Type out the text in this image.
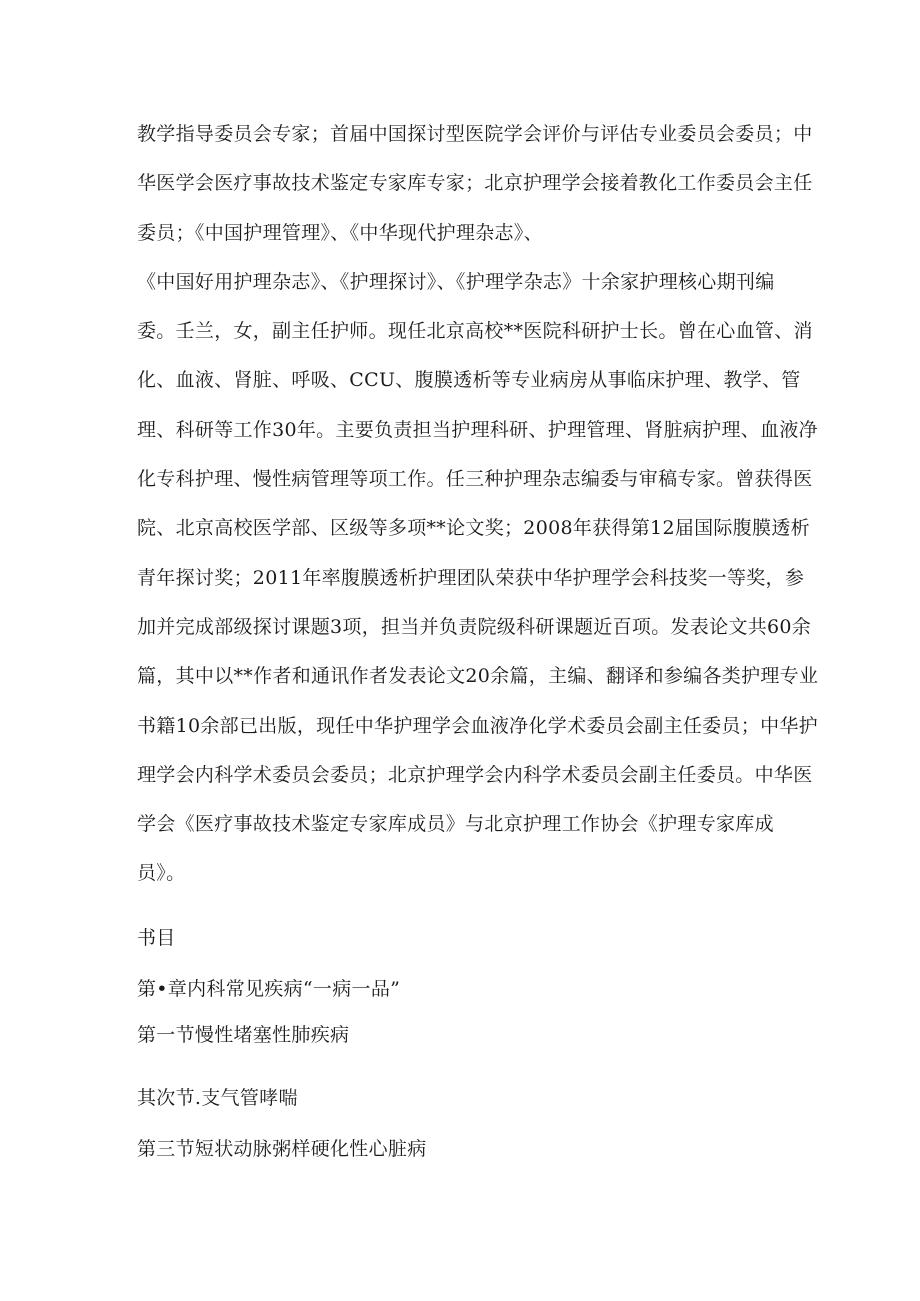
教学指导委员会专家；首届中国探讨型医院学会评价与评估专业委员会委员；中
华医学会医疗事故技术鉴定专家库专家；北京护理学会接着教化工作委员会主任
委员；《中国护理管理》、《中华现代护理杂志》、
《中国好用护理杂志》、《护理探讨》、《护理学杂志》十余家护理核心期刊编
委。壬兰，女，副主任护师。现任北京高校**医院科研护士长。曾在心血管、消
化、血液、肾脏、呼吸、CCU、腹膜透析等专业病房从事临床护理、教学、管
理、科研等工作30年。主要负责担当护理科研、护理管理、肾脏病护理、血液净
化专科护理、慢性病管理等项工作。任三种护理杂志编委与审稿专家。曾获得医
院、北京高校医学部、区级等多项**论文奖；2008年获得第12届国际腹膜透析
青年探讨奖；2011年率腹膜透析护理团队荣获中华护理学会科技奖一等奖，参
加并完成部级探讨课题3项，担当并负责院级科研课题近百项。发表论文共60余
篇，其中以**作者和通讯作者发表论文20余篇，主编、翻译和参编各类护理专业
书籍10余部已出版，现任中华护理学会血液净化学术委员会副主任委员；中华护
理学会内科学术委员会委员；北京护理学会内科学术委员会副主任委员。中华医
学会《医疗事故技术鉴定专家库成员》与北京护理工作协会《护理专家库成
员》。
书目
第•章内科常见疾病“一病一品”
第一节慢性堵塞性肺疾病
其次节.支气管哮喘
第三节短状动脉粥样硬化性心脏病
